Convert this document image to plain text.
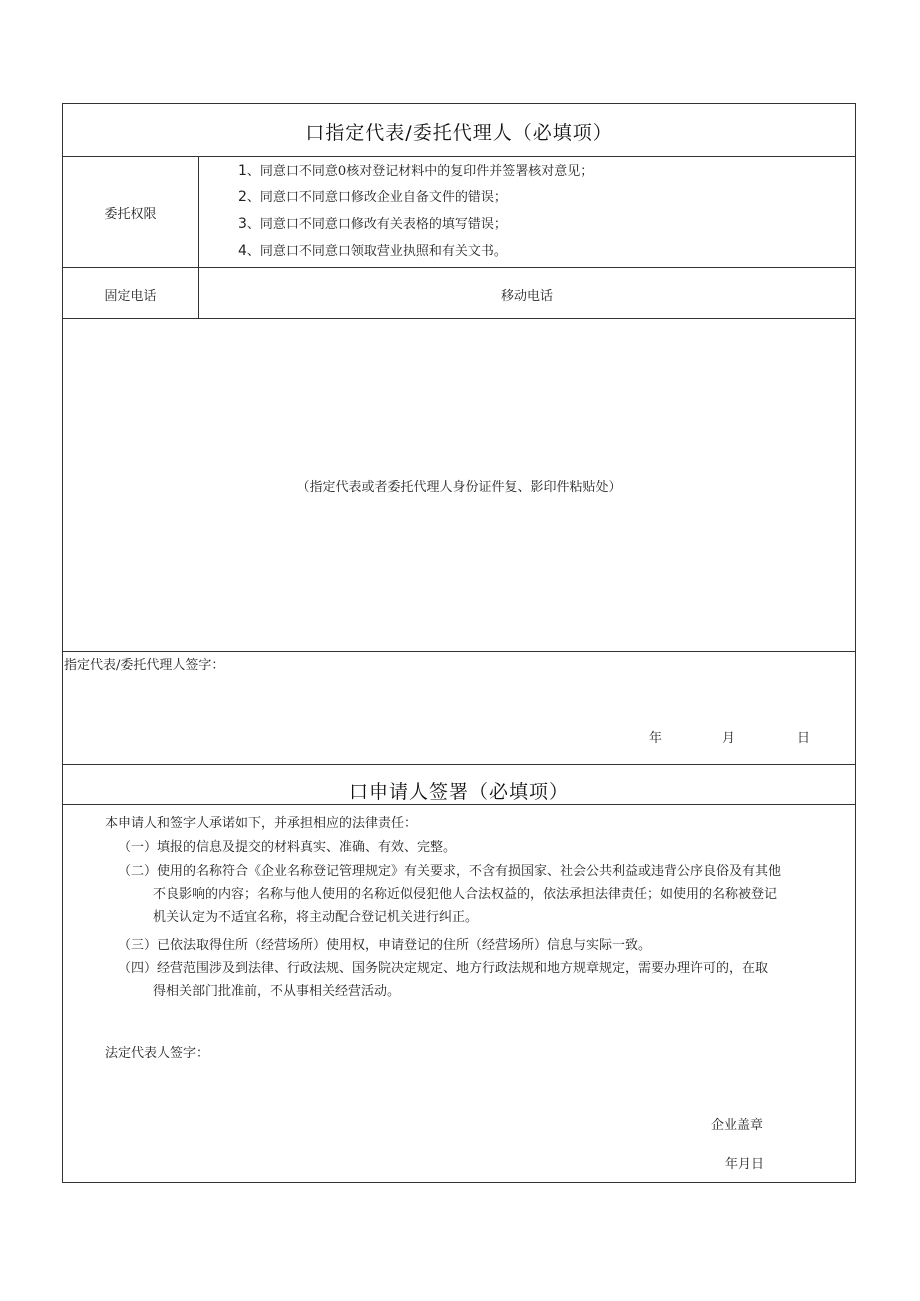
口指定代表/委托代理人（必填项）
委托权限
1、同意口不同意0核对登记材料中的复印件并签署核对意见；
2、同意口不同意口修改企业自备文件的错误；
3、同意口不同意口修改有关表格的填写错误；
4、同意口不同意口领取营业执照和有关文书。
固定电话	移动电话
（指定代表或者委托代理人身份证件复、影印件粘贴处）
指定代表/委托代理人签字：
年	月	日
口申请人签署（必填项）
本申请人和签字人承诺如下，并承担相应的法律责任：
（一）填报的信息及提交的材料真实、准确、有效、完整。
（二）使用的名称符合《企业名称登记管理规定》有关要求，不含有损国家、社会公共利益或违背公序良俗及有其他
不良影响的内容；名称与他人使用的名称近似侵犯他人合法权益的，依法承担法律责任；如使用的名称被登记
机关认定为不适宜名称，将主动配合登记机关进行纠正。
（三）已依法取得住所（经营场所）使用权，申请登记的住所（经营场所）信息与实际一致。
（四）经营范围涉及到法律、行政法规、国务院决定规定、地方行政法规和地方规章规定，需要办理许可的，在取
得相关部门批准前，不从事相关经营活动。
法定代表人签字：
企业盖章
年月日
